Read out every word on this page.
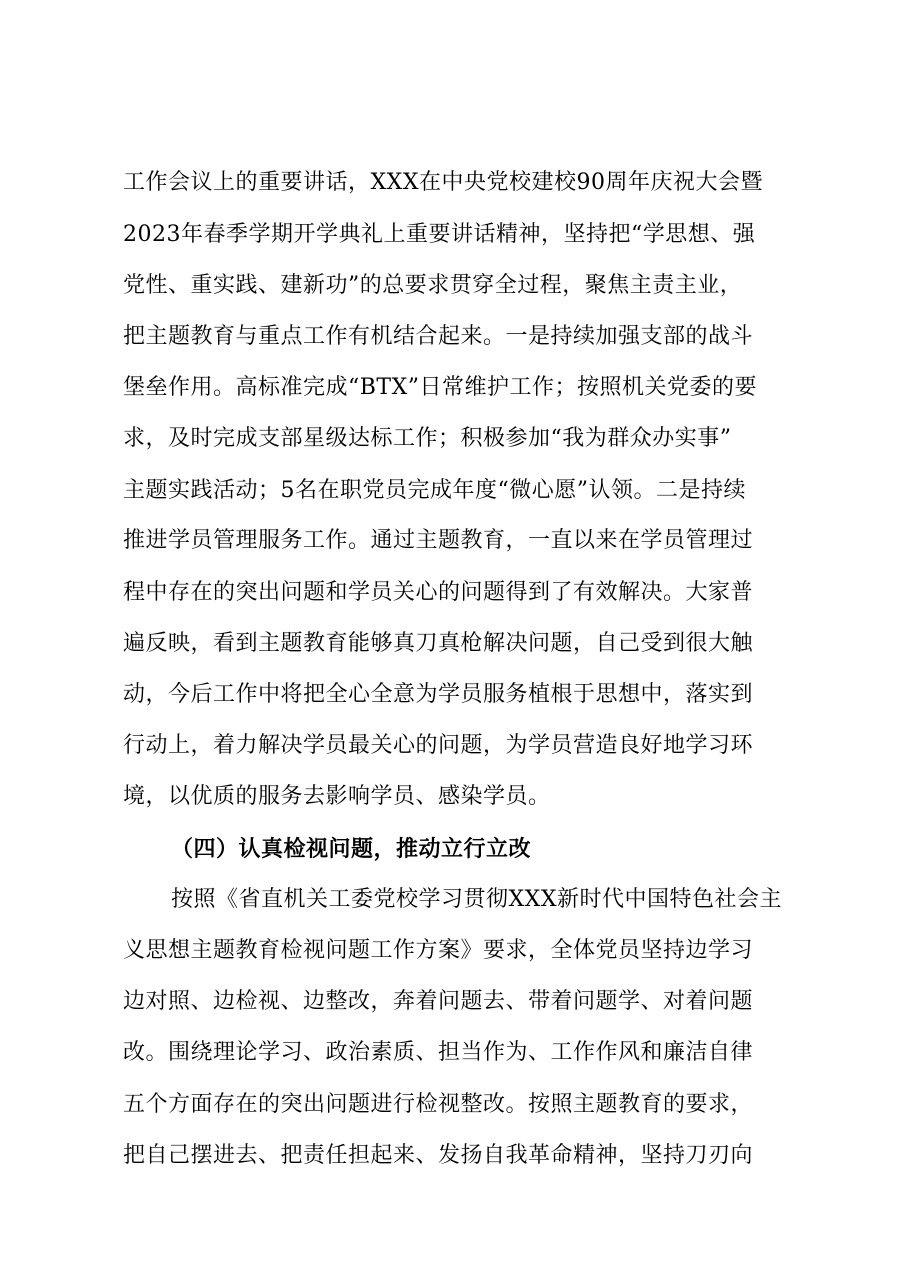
工作会议上的重要讲话，XXX在中央党校建校90周年庆祝大会暨
2023年春季学期开学典礼上重要讲话精神，坚持把“学思想、强
党性、重实践、建新功”的总要求贯穿全过程，聚焦主责主业，
把主题教育与重点工作有机结合起来。一是持续加强支部的战斗
堡垒作用。高标准完成“BTX”日常维护工作；按照机关党委的要
求，及时完成支部星级达标工作；积极参加“我为群众办实事”
主题实践活动；5名在职党员完成年度“微心愿”认领。二是持续
推进学员管理服务工作。通过主题教育，一直以来在学员管理过
程中存在的突出问题和学员关心的问题得到了有效解决。大家普
遍反映，看到主题教育能够真刀真枪解决问题，自己受到很大触
动，今后工作中将把全心全意为学员服务植根于思想中，落实到
行动上，着力解决学员最关心的问题，为学员营造良好地学习环
境，以优质的服务去影响学员、感染学员。
（四）认真检视问题，推动立行立改
按照《省直机关工委党校学习贯彻XXX新时代中国特色社会主
义思想主题教育检视问题工作方案》要求，全体党员坚持边学习
边对照、边检视、边整改，奔着问题去、带着问题学、对着问题
改。围绕理论学习、政治素质、担当作为、工作作风和廉洁自律
五个方面存在的突出问题进行检视整改。按照主题教育的要求，
把自己摆进去、把责任担起来、发扬自我革命精神，坚持刀刃向
